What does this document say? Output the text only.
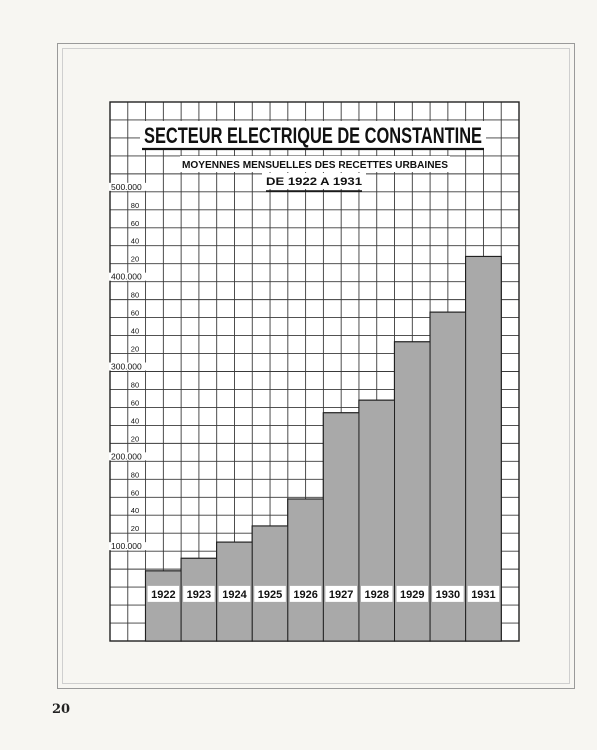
SECTEUR ELECTRIQUE DE CONSTANTINE
MOYENNES MENSUELLES DES RECETTES URBAINES
DE 1922 A 1931
500.000
80
60
40
20
400.000
80
60
40
20
300.000
80
60
40
20
200.000
80
60
40
20
100.000
1922 1923 1924 1925 1926 1927 1928 1929 1930 1931
20
